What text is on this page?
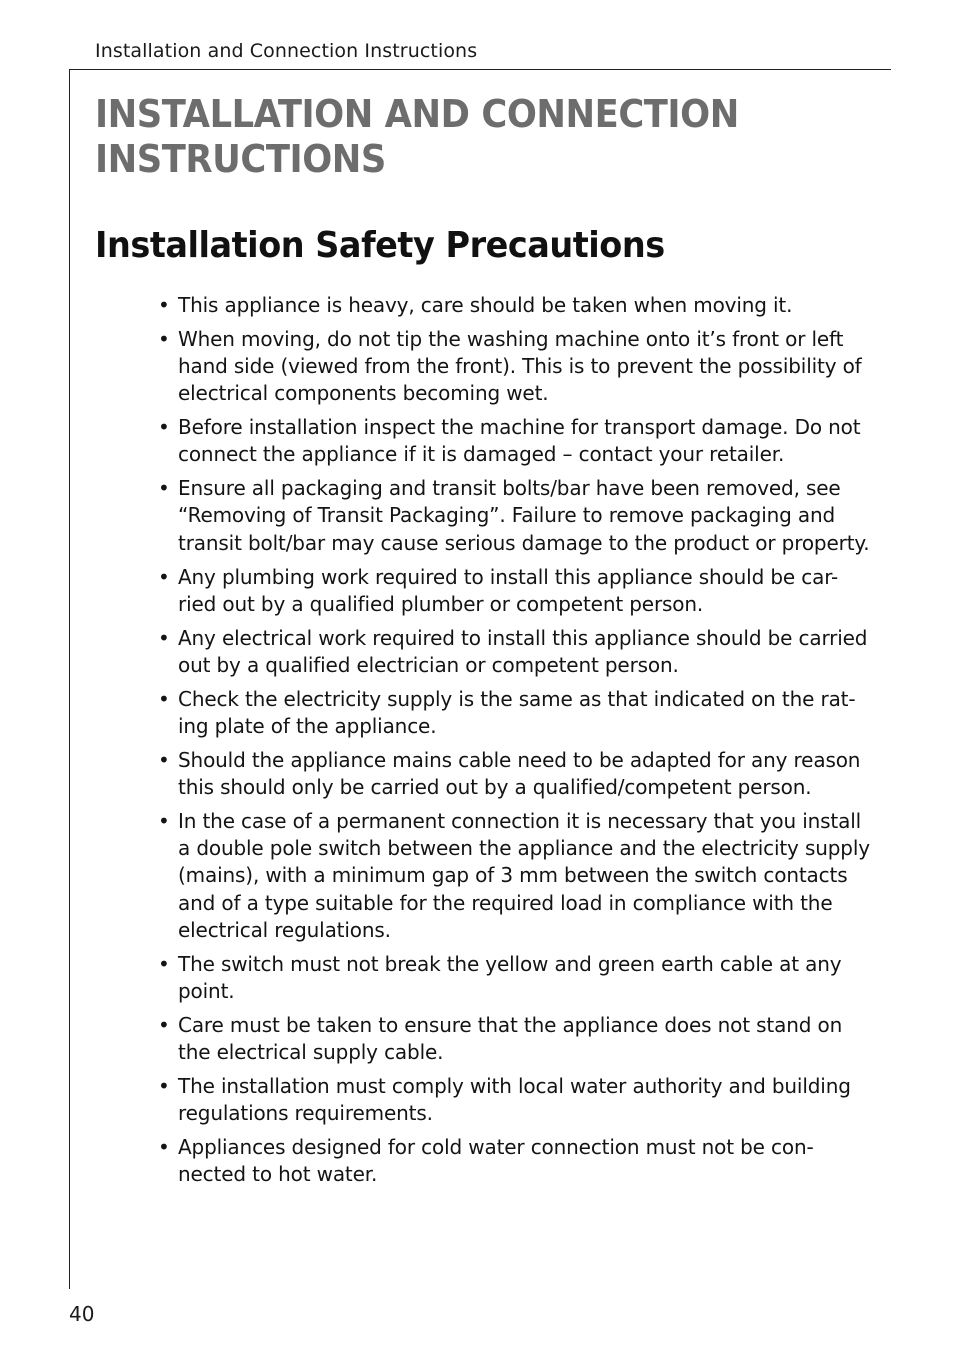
Installation and Connection Instructions
INSTALLATION AND CONNECTION INSTRUCTIONS
Installation Safety Precautions
• This appliance is heavy, care should be taken when moving it.
• When moving, do not tip the washing machine onto it’s front or left
hand side (viewed from the front). This is to prevent the possibility of
electrical components becoming wet.
• Before installation inspect the machine for transport damage. Do not
connect the appliance if it is damaged – contact your retailer.
• Ensure all packaging and transit bolts/bar have been removed, see
“Removing of Transit Packaging”. Failure to remove packaging and
transit bolt/bar may cause serious damage to the product or property.
• Any plumbing work required to install this appliance should be car-
ried out by a qualified plumber or competent person.
• Any electrical work required to install this appliance should be carried
out by a qualified electrician or competent person.
• Check the electricity supply is the same as that indicated on the rat-
ing plate of the appliance.
• Should the appliance mains cable need to be adapted for any reason
this should only be carried out by a qualified/competent person.
• In the case of a permanent connection it is necessary that you install
a double pole switch between the appliance and the electricity supply
(mains), with a minimum gap of 3 mm between the switch contacts
and of a type suitable for the required load in compliance with the
electrical regulations.
• The switch must not break the yellow and green earth cable at any
point.
• Care must be taken to ensure that the appliance does not stand on
the electrical supply cable.
• The installation must comply with local water authority and building
regulations requirements.
• Appliances designed for cold water connection must not be con-
nected to hot water.
40
